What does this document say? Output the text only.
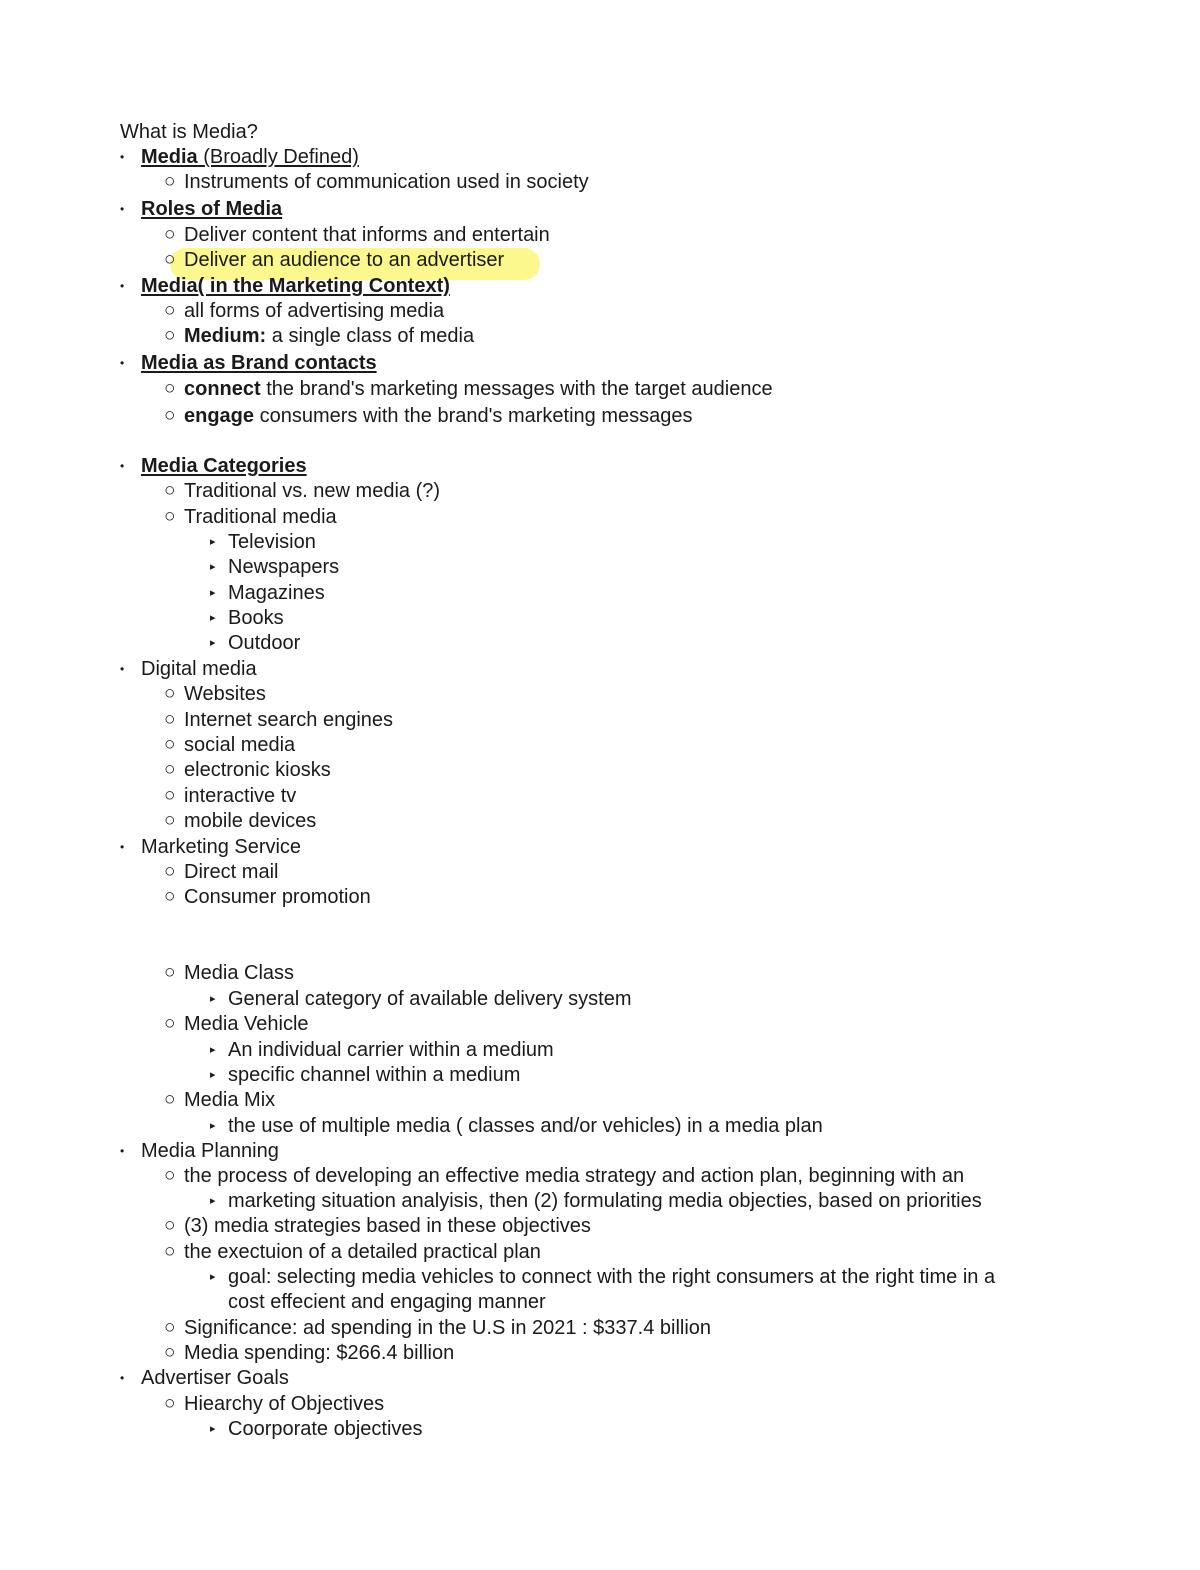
What is Media?
• Media (Broadly Defined)
○ Instruments of communication used in society
• Roles of Media
○ Deliver content that informs and entertain
○ Deliver an audience to an advertiser
• Media( in the Marketing Context)
○ all forms of advertising media
○ Medium: a single class of media
• Media as Brand contacts
○ connect the brand's marketing messages with the target audience
○ engage consumers with the brand's marketing messages
• Media Categories
○ Traditional vs. new media (?)
○ Traditional media
▸ Television
▸ Newspapers
▸ Magazines
▸ Books
▸ Outdoor
• Digital media
○ Websites
○ Internet search engines
○ social media
○ electronic kiosks
○ interactive tv
○ mobile devices
• Marketing Service
○ Direct mail
○ Consumer promotion
○ Media Class
▸ General category of available delivery system
○ Media Vehicle
▸ An individual carrier within a medium
▸ specific channel within a medium
○ Media Mix
▸ the use of multiple media ( classes and/or vehicles) in a media plan
• Media Planning
○ the process of developing an effective media strategy and action plan, beginning with an
▸ marketing situation analyisis, then (2) formulating media objecties, based on priorities
○ (3) media strategies based in these objectives
○ the exectuion of a detailed practical plan
▸ goal: selecting media vehicles to connect with the right consumers at the right time in a
cost effecient and engaging manner
○ Significance: ad spending in the U.S in 2021 : $337.4 billion
○ Media spending: $266.4 billion
• Advertiser Goals
○ Hiearchy of Objectives
▸ Coorporate objectives
